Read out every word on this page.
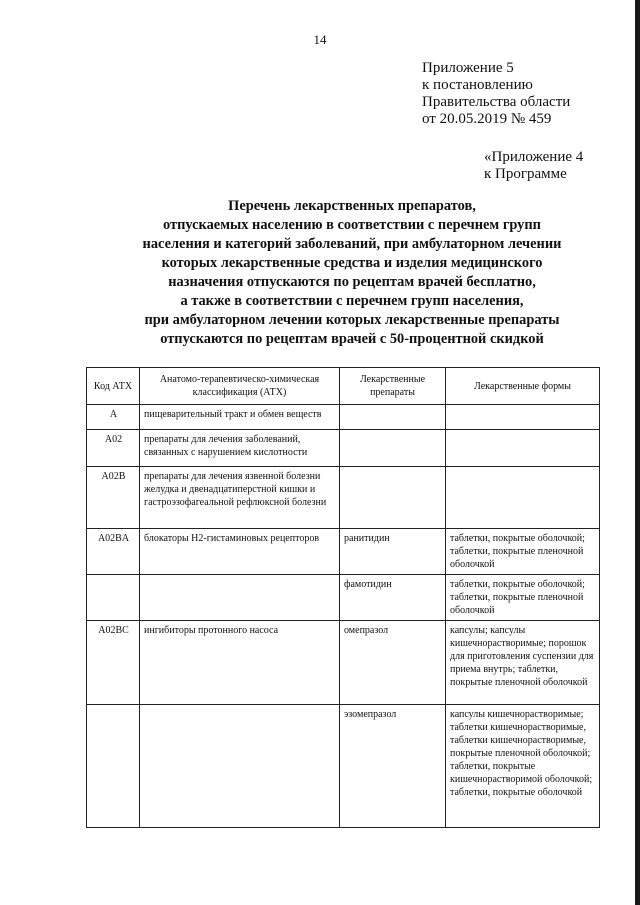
14
Приложение 5
к постановлению
Правительства области
от 20.05.2019 № 459
«Приложение 4
к Программе
Перечень лекарственных препаратов,
отпускаемых населению в соответствии с перечнем групп
населения и категорий заболеваний, при амбулаторном лечении
которых лекарственные средства и изделия медицинского
назначения отпускаются по рецептам врачей бесплатно,
а также в соответствии с перечнем групп населения,
при амбулаторном лечении которых лекарственные препараты
отпускаются по рецептам врачей с 50-процентной скидкой
Код АТХ	Анатомо-терапевтическо-химическая классификация (АТХ)	Лекарственные препараты	Лекарственные формы
А	пищеварительный тракт и обмен веществ		
A02	препараты для лечения заболеваний, связанных с нарушением кислотности		
A02B	препараты для лечения язвенной болезни желудка и двенадцатиперстной кишки и гастроэзофагеальной рефлюксной болезни		
A02BA	блокаторы Н2-гистаминовых рецепторов	ранитидин	таблетки, покрытые оболочкой; таблетки, покрытые пленочной оболочкой
		фамотидин	таблетки, покрытые оболочкой; таблетки, покрытые пленочной оболочкой
A02BC	ингибиторы протонного насоса	омепразол	капсулы; капсулы кишечнорастворимые; порошок для приготовления суспензии для приема внутрь; таблетки, покрытые пленочной оболочкой
		эзомепразол	капсулы кишечнорастворимые; таблетки кишечнорастворимые, таблетки кишечнорастворимые, покрытые пленочной оболочкой; таблетки, покрытые кишечнорастворимой оболочкой; таблетки, покрытые оболочкой
